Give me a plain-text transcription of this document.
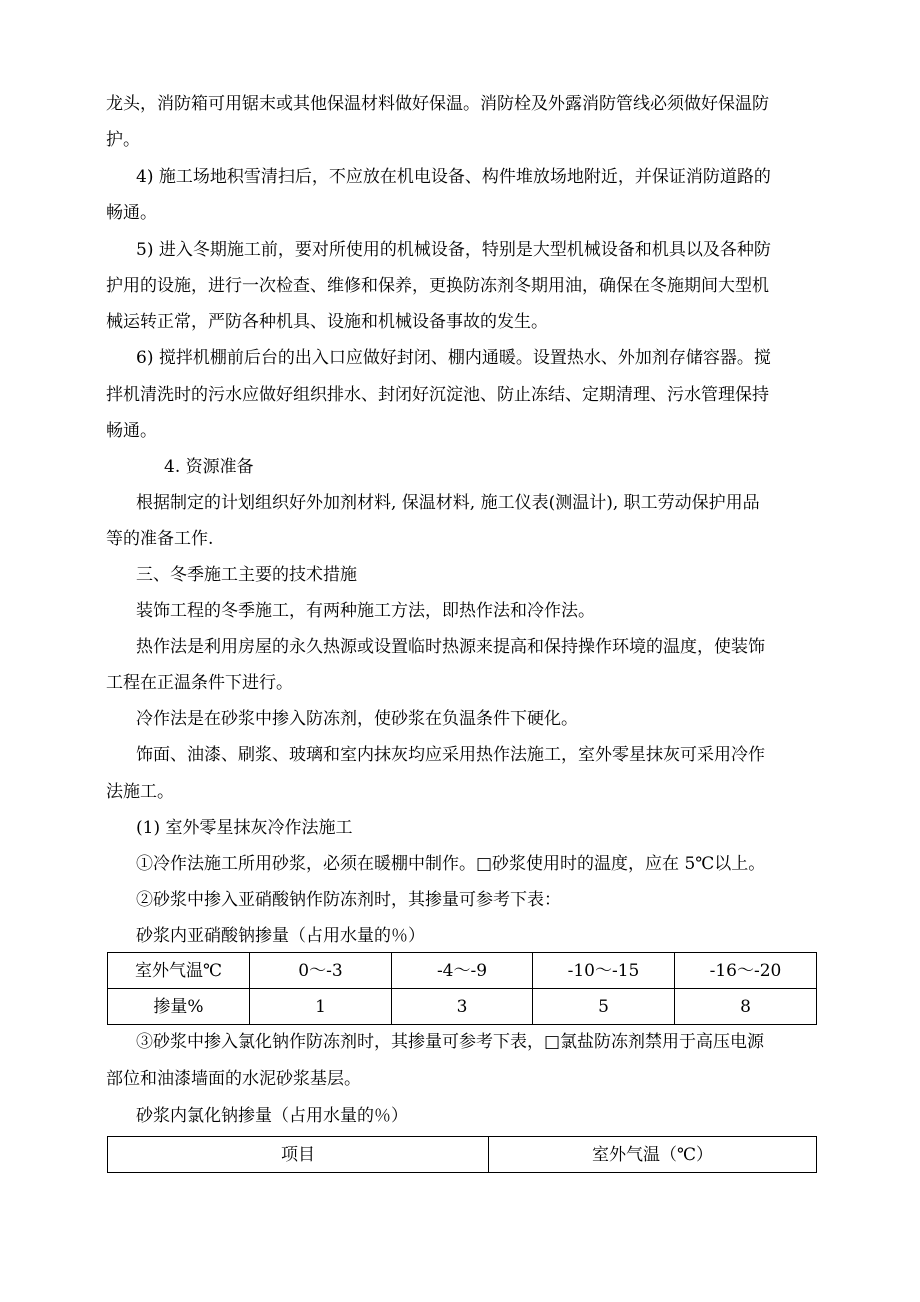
龙头，消防箱可用锯末或其他保温材料做好保温。消防栓及外露消防管线必须做好保温防
护。
4) 施工场地积雪清扫后，不应放在机电设备、构件堆放场地附近，并保证消防道路的
畅通。
5) 进入冬期施工前，要对所使用的机械设备，特别是大型机械设备和机具以及各种防
护用的设施，进行一次检查、维修和保养，更换防冻剂冬期用油，确保在冬施期间大型机
械运转正常，严防各种机具、设施和机械设备事故的发生。
6) 搅拌机棚前后台的出入口应做好封闭、棚内通暖。设置热水、外加剂存储容器。搅
拌机清洗时的污水应做好组织排水、封闭好沉淀池、防止冻结、定期清理、污水管理保持
畅通。
4. 资源准备
根据制定的计划组织好外加剂材料, 保温材料, 施工仪表(测温计), 职工劳动保护用品
等的准备工作.
三、冬季施工主要的技术措施
装饰工程的冬季施工，有两种施工方法，即热作法和冷作法。
热作法是利用房屋的永久热源或设置临时热源来提高和保持操作环境的温度，使装饰
工程在正温条件下进行。
冷作法是在砂浆中掺入防冻剂，使砂浆在负温条件下硬化。
饰面、油漆、刷浆、玻璃和室内抹灰均应采用热作法施工，室外零星抹灰可采用冷作
法施工。
(1) 室外零星抹灰冷作法施工
①冷作法施工所用砂浆，必须在暖棚中制作。□砂浆使用时的温度，应在 5℃以上。
②砂浆中掺入亚硝酸钠作防冻剂时，其掺量可参考下表：
砂浆内亚硝酸钠掺量（占用水量的％）
室外气温℃	0～-3	-4～-9	-10～-15	-16～-20
掺量%	1	3	5	8
③砂浆中掺入氯化钠作防冻剂时，其掺量可参考下表，□氯盐防冻剂禁用于高压电源
部位和油漆墙面的水泥砂浆基层。
砂浆内氯化钠掺量（占用水量的％）
项目	室外气温（℃）
